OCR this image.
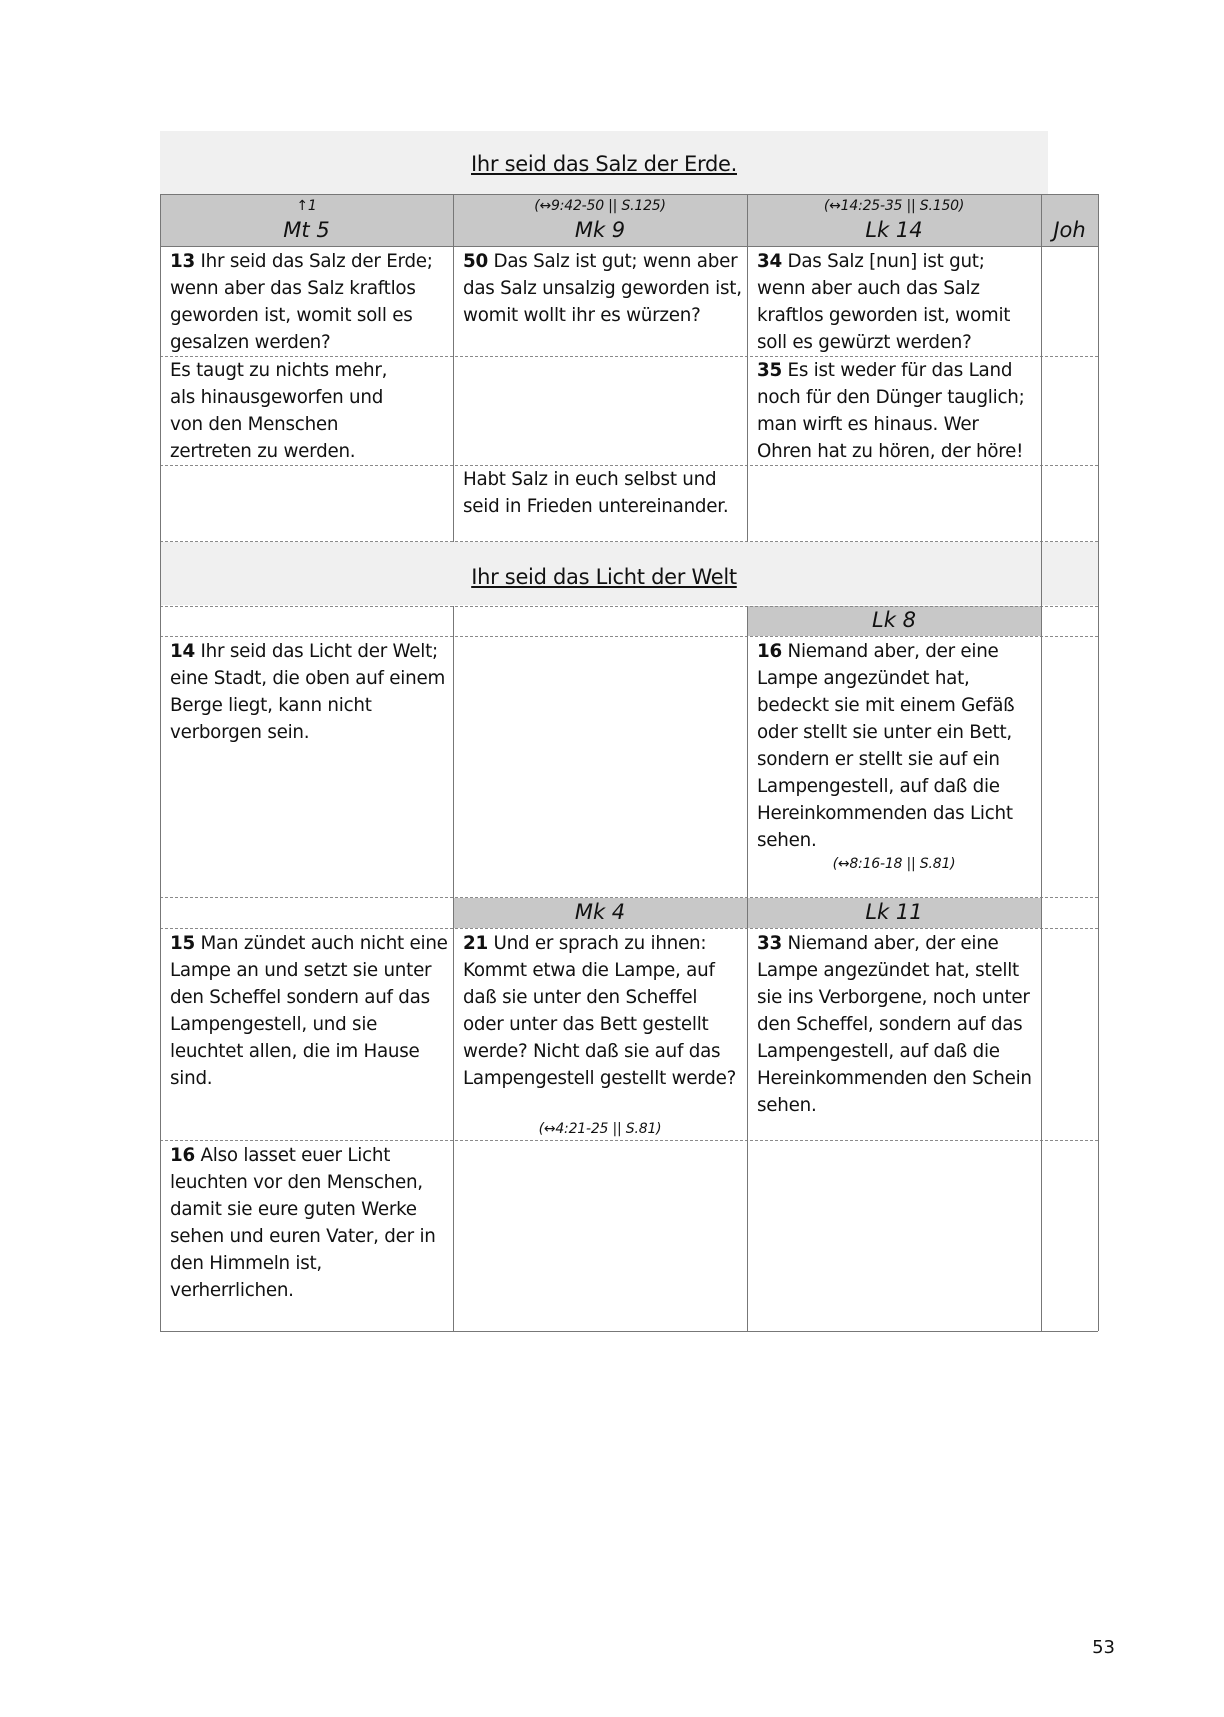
Ihr seid das Salz der Erde.
↑1
Mt 5
(↔9:42-50 || S.125)
Mk 9
(↔14:25-35 || S.150)
Lk 14	Joh
13 Ihr seid das Salz der Erde; wenn aber das Salz kraftlos geworden ist, womit soll es gesalzen werden?
50 Das Salz ist gut; wenn aber das Salz unsalzig geworden ist, womit wollt ihr es würzen?
34 Das Salz [nun] ist gut; wenn aber auch das Salz kraftlos geworden ist, womit soll es gewürzt werden?
Es taugt zu nichts mehr, als hinausgeworfen und von den Menschen zertreten zu werden.
35 Es ist weder für das Land noch für den Dünger tauglich; man wirft es hinaus. Wer Ohren hat zu hören, der höre!
Habt Salz in euch selbst und seid in Frieden untereinander.
Ihr seid das Licht der Welt
Lk 8
14 Ihr seid das Licht der Welt; eine Stadt, die oben auf einem Berge liegt, kann nicht verborgen sein.
16 Niemand aber, der eine Lampe angezündet hat, bedeckt sie mit einem Gefäß oder stellt sie unter ein Bett, sondern er stellt sie auf ein Lampengestell, auf daß die Hereinkommenden das Licht sehen.
(↔8:16-18 || S.81)
Mk 4	Lk 11
15 Man zündet auch nicht eine Lampe an und setzt sie unter den Scheffel sondern auf das Lampengestell, und sie leuchtet allen, die im Hause sind.
21 Und er sprach zu ihnen: Kommt etwa die Lampe, auf daß sie unter den Scheffel oder unter das Bett gestellt werde? Nicht daß sie auf das Lampengestell gestellt werde?
(↔4:21-25 || S.81)
33 Niemand aber, der eine Lampe angezündet hat, stellt sie ins Verborgene, noch unter den Scheffel, sondern auf das Lampengestell, auf daß die Hereinkommenden den Schein sehen.
16 Also lasset euer Licht leuchten vor den Menschen, damit sie eure guten Werke sehen und euren Vater, der in den Himmeln ist, verherrlichen.
53
